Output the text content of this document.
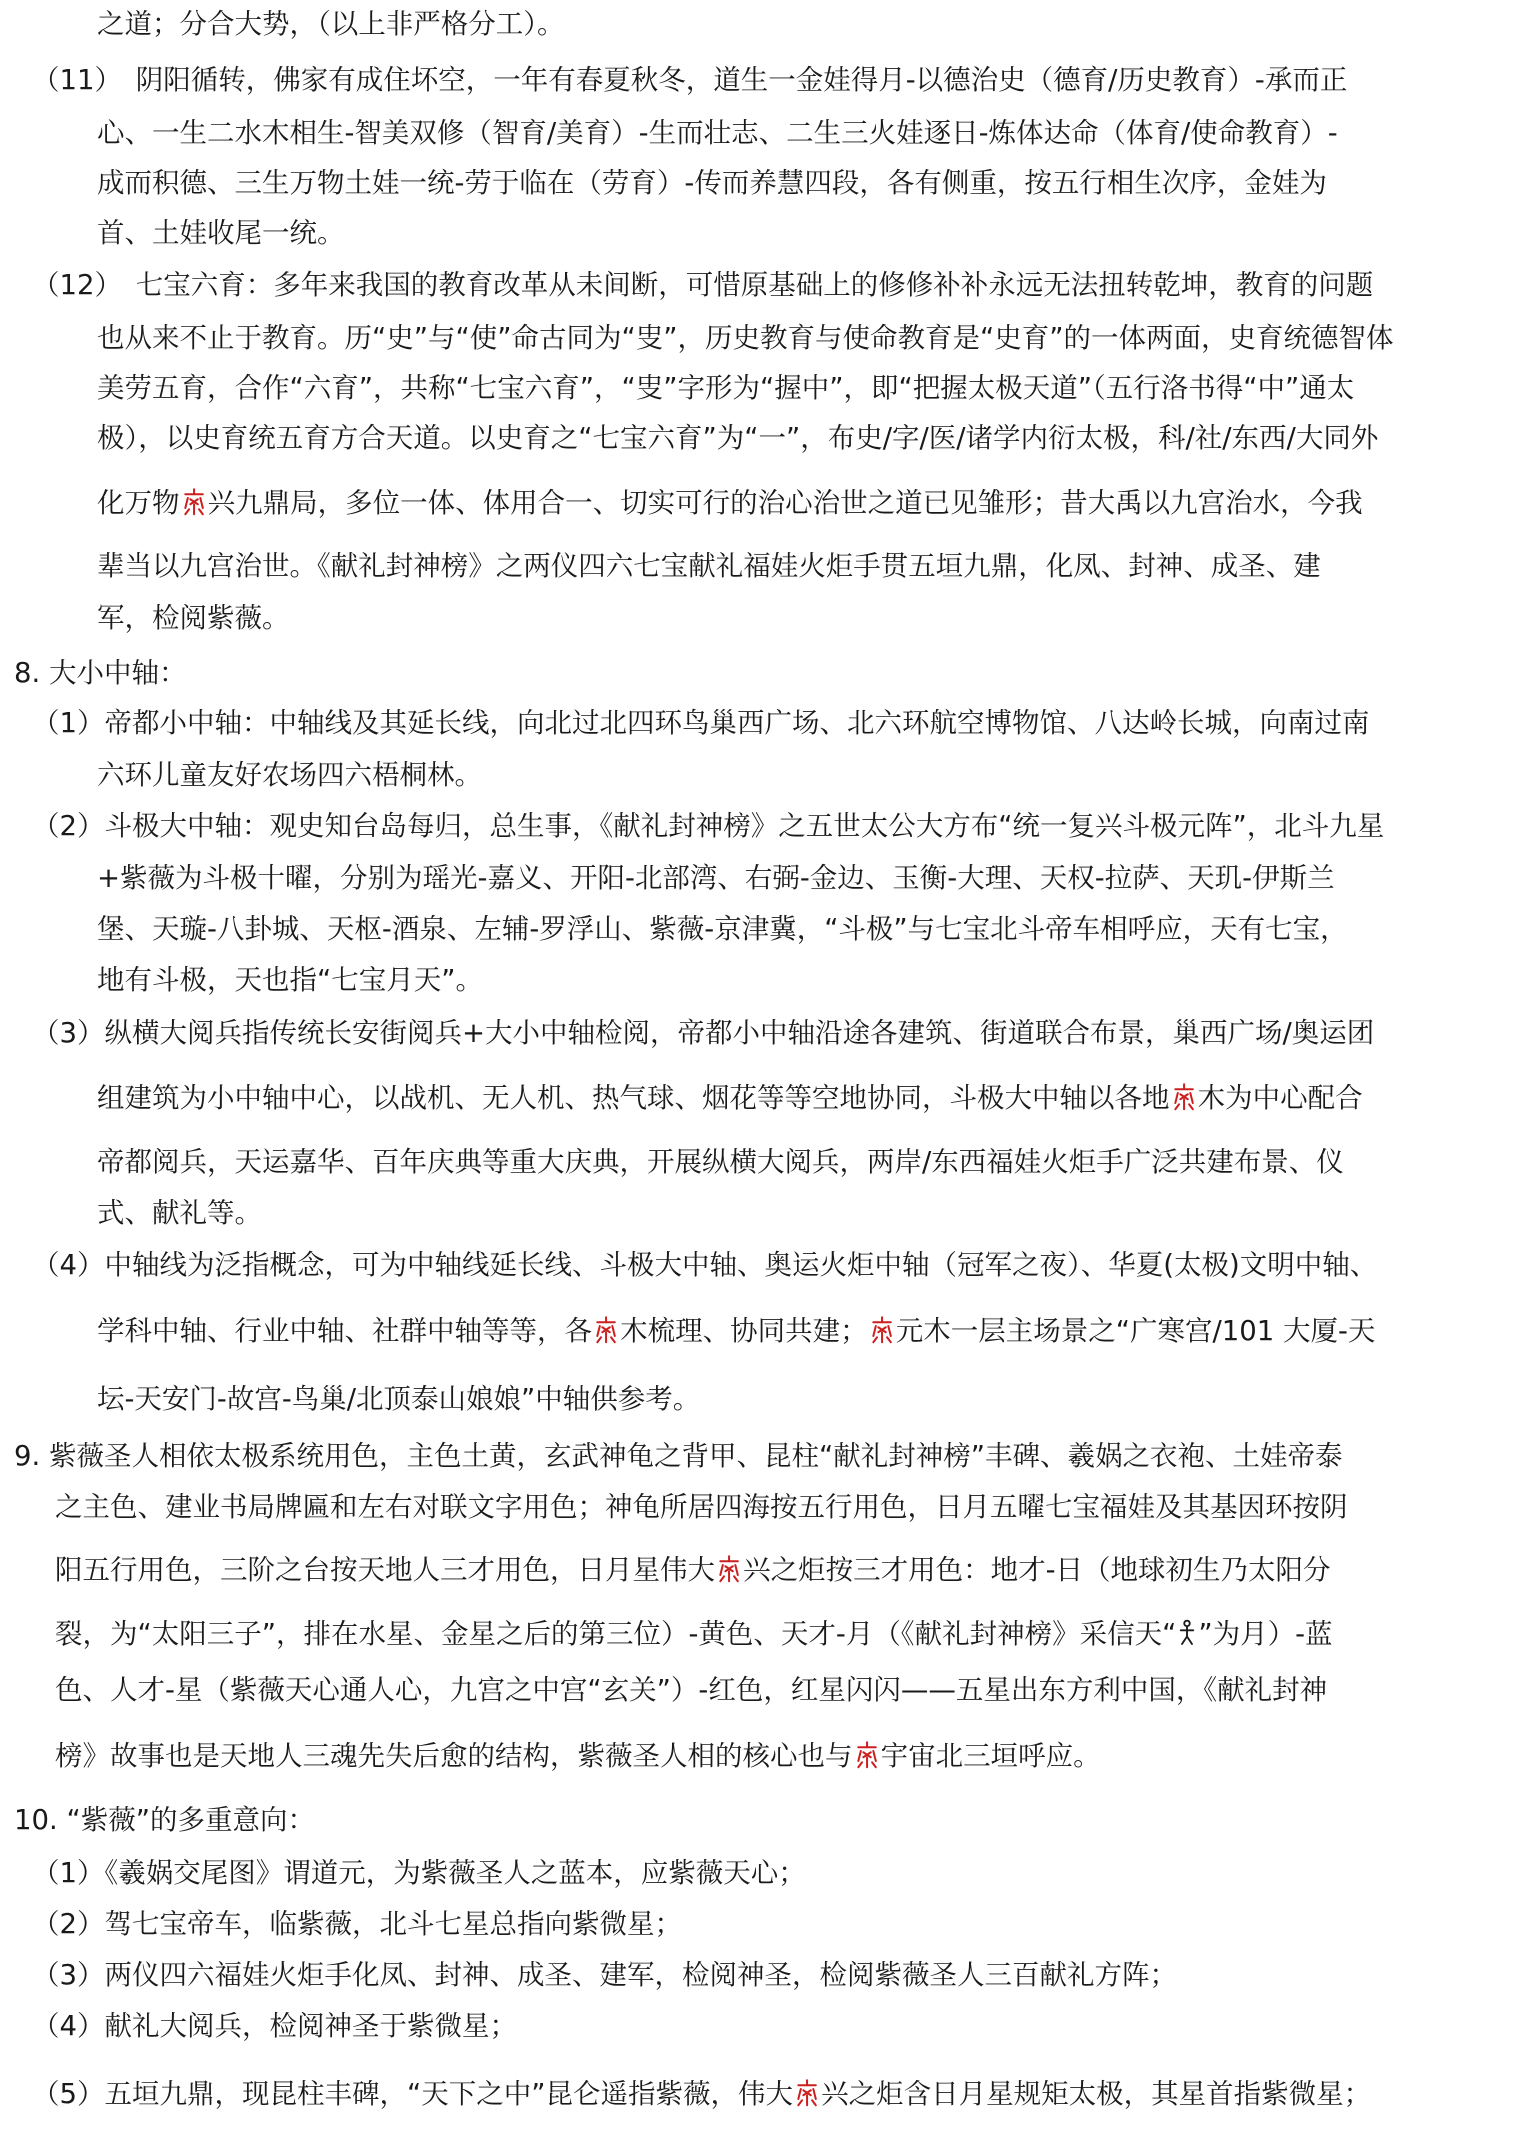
之道；分合大势，（以上非严格分工）。
（11）　阴阳循转，佛家有成住坏空，一年有春夏秋冬，道生一金娃得月-以德治史（德育/历史教育）-承而正
心、一生二水木相生-智美双修（智育/美育）-生而壮志、二生三火娃逐日-炼体达命（体育/使命教育）-
成而积德、三生万物土娃一统-劳于临在（劳育）-传而养慧四段，各有侧重，按五行相生次序，金娃为
首、土娃收尾一统。
（12）　七宝六育：多年来我国的教育改革从未间断，可惜原基础上的修修补补永远无法扭转乾坤，教育的问题
也从来不止于教育。历“史”与“使”命古同为“㕜”，历史教育与使命教育是“史育”的一体两面，史育统德智体
美劳五育，合作“六育”，共称“七宝六育”，“㕜”字形为“握中”，即“把握太极天道”（五行洛书得“中”通太
极），以史育统五育方合天道。以史育之“七宝六育”为“一”，布史/字/医/诸学内衍太极，科/社/东西/大同外
化万物 兴九鼎局，多位一体、体用合一、切实可行的治心治世之道已见雏形；昔大禹以九宫治水，今我
辈当以九宫治世。《献礼封神榜》之两仪四六七宝献礼福娃火炬手贯五垣九鼎，化凤、封神、成圣、建
军，检阅紫薇。
8. 大小中轴：
（1）帝都小中轴：中轴线及其延长线，向北过北四环鸟巢西广场、北六环航空博物馆、八达岭长城，向南过南
六环儿童友好农场四六梧桐林。
（2）斗极大中轴：观史知台岛每归，总生事，《献礼封神榜》之五世太公大方布“统一复兴斗极元阵”，北斗九星
+紫薇为斗极十曜，分别为瑶光-嘉义、开阳-北部湾、右弼-金边、玉衡-大理、天权-拉萨、天玑-伊斯兰
堡、天璇-八卦城、天枢-酒泉、左辅-罗浮山、紫薇-京津冀，“斗极”与七宝北斗帝车相呼应，天有七宝，
地有斗极，天也指“七宝月天”。
（3）纵横大阅兵指传统长安街阅兵+大小中轴检阅，帝都小中轴沿途各建筑、街道联合布景，巢西广场/奥运团
组建筑为小中轴中心，以战机、无人机、热气球、烟花等等空地协同，斗极大中轴以各地 木为中心配合
帝都阅兵，天运嘉华、百年庆典等重大庆典，开展纵横大阅兵，两岸/东西福娃火炬手广泛共建布景、仪
式、献礼等。
（4）中轴线为泛指概念，可为中轴线延长线、斗极大中轴、奥运火炬中轴（冠军之夜）、华夏(太极)文明中轴、
学科中轴、行业中轴、社群中轴等等，各 木梳理、协同共建； 元木一层主场景之“广寒宫/101 大厦-天
坛-天安门-故宫-鸟巢/北顶泰山娘娘”中轴供参考。
9. 紫薇圣人相依太极系统用色，主色土黄，玄武神龟之背甲、昆柱“献礼封神榜”丰碑、羲娲之衣袍、土娃帝泰
之主色、建业书局牌匾和左右对联文字用色；神龟所居四海按五行用色，日月五曜七宝福娃及其基因环按阴
阳五行用色，三阶之台按天地人三才用色，日月星伟大 兴之炬按三才用色：地才-日（地球初生乃太阳分
裂，为“太阳三子”，排在水星、金星之后的第三位）-黄色、天才-月（《献礼封神榜》采信天“ ”为月）-蓝
色、人才-星（紫薇天心通人心，九宫之中宫“玄关”）-红色，红星闪闪——五星出东方利中国，《献礼封神
榜》故事也是天地人三魂先失后愈的结构，紫薇圣人相的核心也与 宇宙北三垣呼应。
10. “紫薇”的多重意向：
（1）《羲娲交尾图》谓道元，为紫薇圣人之蓝本，应紫薇天心；
（2）驾七宝帝车，临紫薇，北斗七星总指向紫微星；
（3）两仪四六福娃火炬手化凤、封神、成圣、建军，检阅神圣，检阅紫薇圣人三百献礼方阵；
（4）献礼大阅兵，检阅神圣于紫微星；
（5）五垣九鼎，现昆柱丰碑，“天下之中”昆仑遥指紫薇，伟大 兴之炬含日月星规矩太极，其星首指紫微星；
